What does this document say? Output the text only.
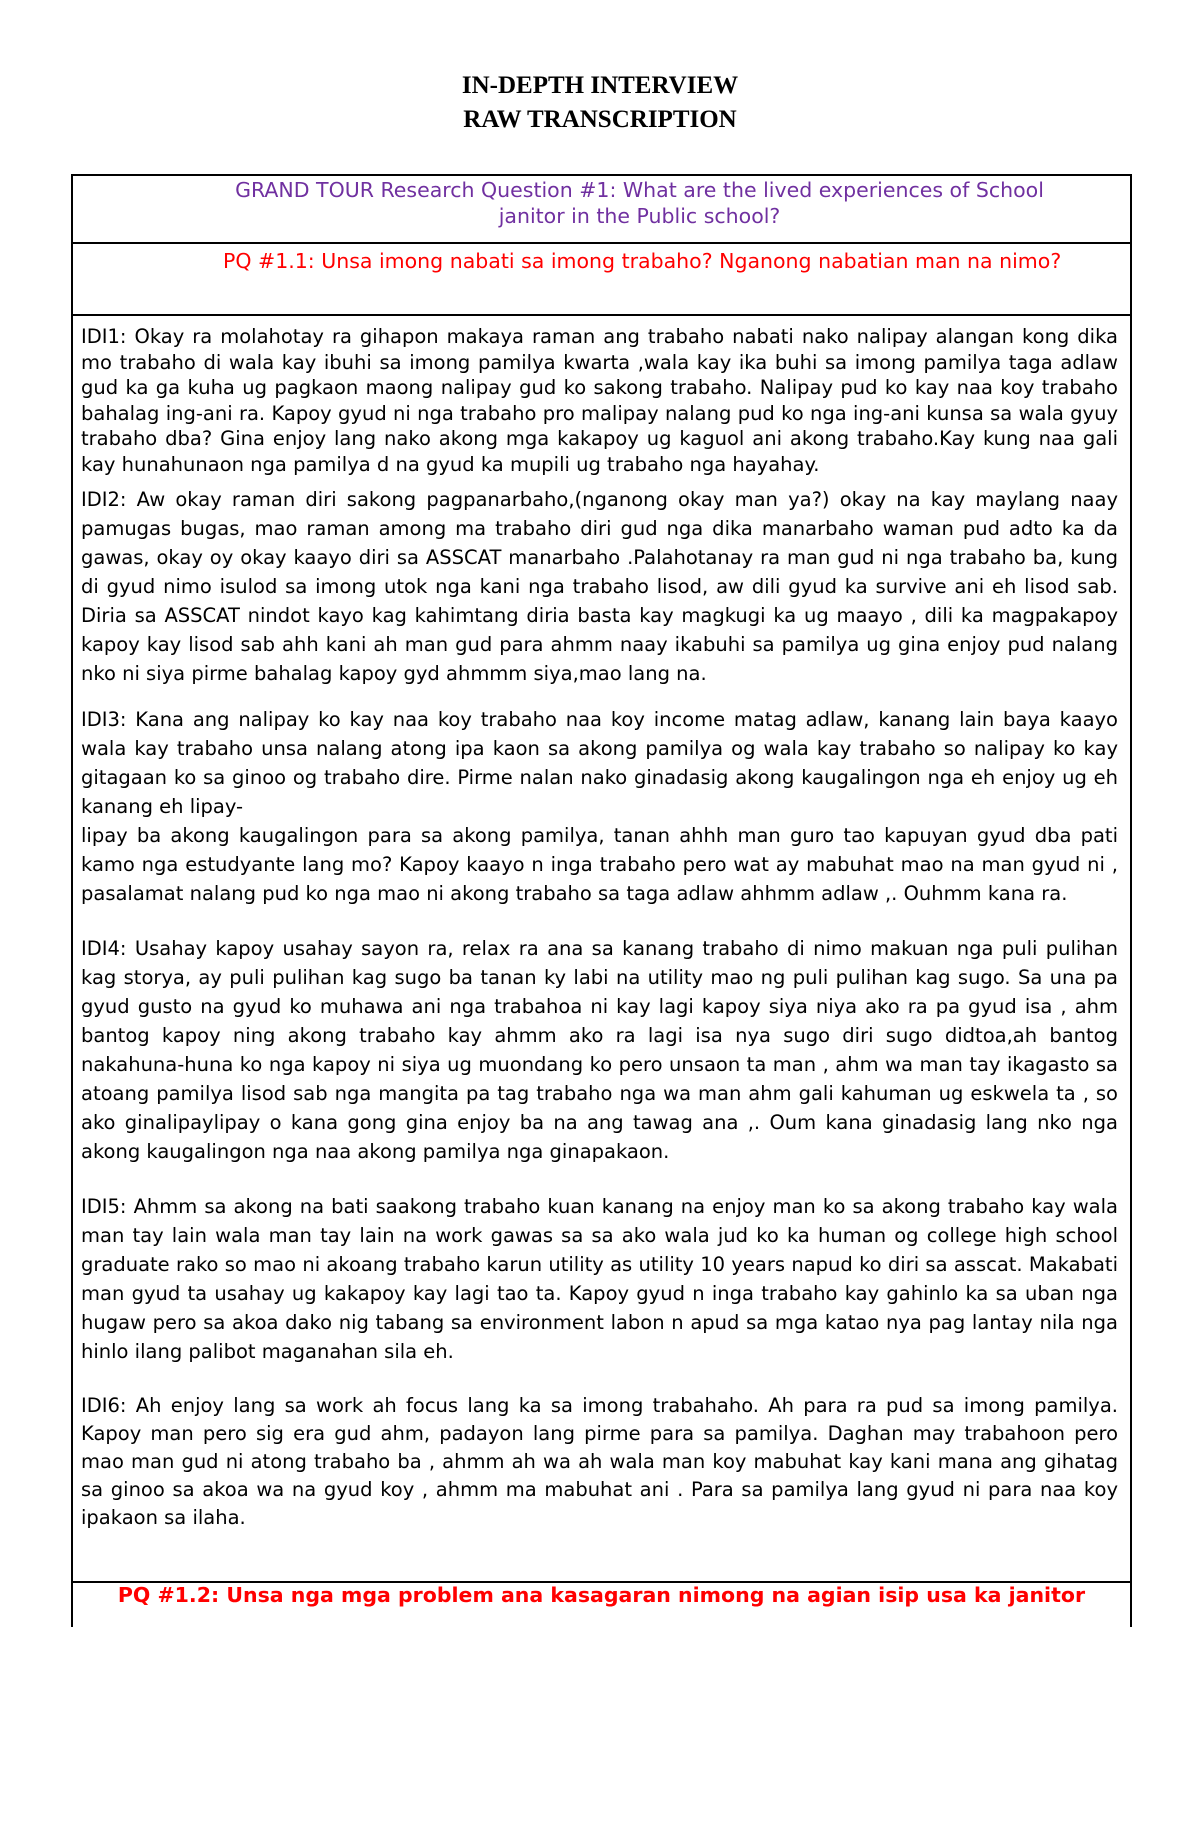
IN-DEPTH INTERVIEW
RAW TRANSCRIPTION
GRAND TOUR Research Question #1: What are the lived experiences of School
janitor in the Public school?
PQ #1.1: Unsa imong nabati sa imong trabaho? Nganong nabatian man na nimo?

IDI1: Okay ra molahotay ra gihapon makaya raman ang trabaho nabati nako nalipay alangan kong dika mo trabaho di wala kay ibuhi sa imong pamilya kwarta ,wala kay ika buhi sa imong pamilya taga adlaw gud ka ga kuha ug pagkaon maong nalipay gud ko sakong trabaho. Nalipay pud ko kay naa koy trabaho bahalag ing-ani ra. Kapoy gyud ni nga trabaho pro malipay nalang pud ko nga ing-ani kunsa sa wala gyuy trabaho dba? Gina enjoy lang nako akong mga kakapoy ug kaguol ani akong trabaho.Kay kung naa gali kay hunahunaon nga pamilya d na gyud ka mupili ug trabaho nga hayahay.

IDI2: Aw okay raman diri sakong pagpanarbaho,(nganong okay man ya?) okay na kay maylang naay pamugas bugas, mao raman among ma trabaho diri gud nga dika manarbaho waman pud adto ka da gawas, okay oy okay kaayo diri sa ASSCAT manarbaho .Palahotanay ra man gud ni nga trabaho ba, kung di gyud nimo isulod sa imong utok nga kani nga trabaho lisod, aw dili gyud ka survive ani eh lisod sab. Diria sa ASSCAT nindot kayo kag kahimtang diria basta kay magkugi ka ug maayo , dili ka magpakapoy kapoy kay lisod sab ahh kani ah man gud para ahmm naay ikabuhi sa pamilya ug gina enjoy pud nalang nko ni siya pirme bahalag kapoy gyd ahmmm siya,mao lang na.

IDI3: Kana ang nalipay ko kay naa koy trabaho naa koy income matag adlaw, kanang lain baya kaayo wala kay trabaho unsa nalang atong ipa kaon sa akong pamilya og wala kay trabaho so nalipay ko kay gitagaan ko sa ginoo og trabaho dire. Pirme nalan nako ginadasig akong kaugalingon nga eh enjoy ug eh kanang eh lipay-
lipay ba akong kaugalingon para sa akong pamilya, tanan ahhh man guro tao kapuyan gyud dba pati kamo nga estudyante lang mo? Kapoy kaayo n inga trabaho pero wat ay mabuhat mao na man gyud ni , pasalamat nalang pud ko nga mao ni akong trabaho sa taga adlaw ahhmm adlaw ,. Ouhmm kana ra.

IDI4: Usahay kapoy usahay sayon ra, relax ra ana sa kanang trabaho di nimo makuan nga puli pulihan kag storya, ay puli pulihan kag sugo ba tanan ky labi na utility mao ng puli pulihan kag sugo. Sa una pa gyud gusto na gyud ko muhawa ani nga trabahoa ni kay lagi kapoy siya niya ako ra pa gyud isa , ahm bantog kapoy ning akong trabaho kay ahmm ako ra lagi isa nya sugo diri sugo didtoa,ah bantog nakahuna-huna ko nga kapoy ni siya ug muondang ko pero unsaon ta man , ahm wa man tay ikagasto sa atoang pamilya lisod sab nga mangita pa tag trabaho nga wa man ahm gali kahuman ug eskwela ta , so ako ginalipaylipay o kana gong gina enjoy ba na ang tawag ana ,. Oum kana ginadasig lang nko nga akong kaugalingon nga naa akong pamilya nga ginapakaon.

IDI5: Ahmm sa akong na bati saakong trabaho kuan kanang na enjoy man ko sa akong trabaho kay wala man tay lain wala man tay lain na work gawas sa sa ako wala jud ko ka human og college high school graduate rako so mao ni akoang trabaho karun utility as utility 10 years napud ko diri sa asscat. Makabati man gyud ta usahay ug kakapoy kay lagi tao ta. Kapoy gyud n inga trabaho kay gahinlo ka sa uban nga hugaw pero sa akoa dako nig tabang sa environment labon n apud sa mga katao nya pag lantay nila nga hinlo ilang palibot maganahan sila eh.

IDI6: Ah enjoy lang sa work ah focus lang ka sa imong trabahaho. Ah para ra pud sa imong pamilya. Kapoy man pero sig era gud ahm, padayon lang pirme para sa pamilya. Daghan may trabahoon pero mao man gud ni atong trabaho ba , ahmm ah wa ah wala man koy mabuhat kay kani mana ang gihatag sa ginoo sa akoa wa na gyud koy , ahmm ma mabuhat ani . Para sa pamilya lang gyud ni para naa koy ipakaon sa ilaha.

PQ #1.2: Unsa nga mga problem ana kasagaran nimong na agian isip usa ka janitor
